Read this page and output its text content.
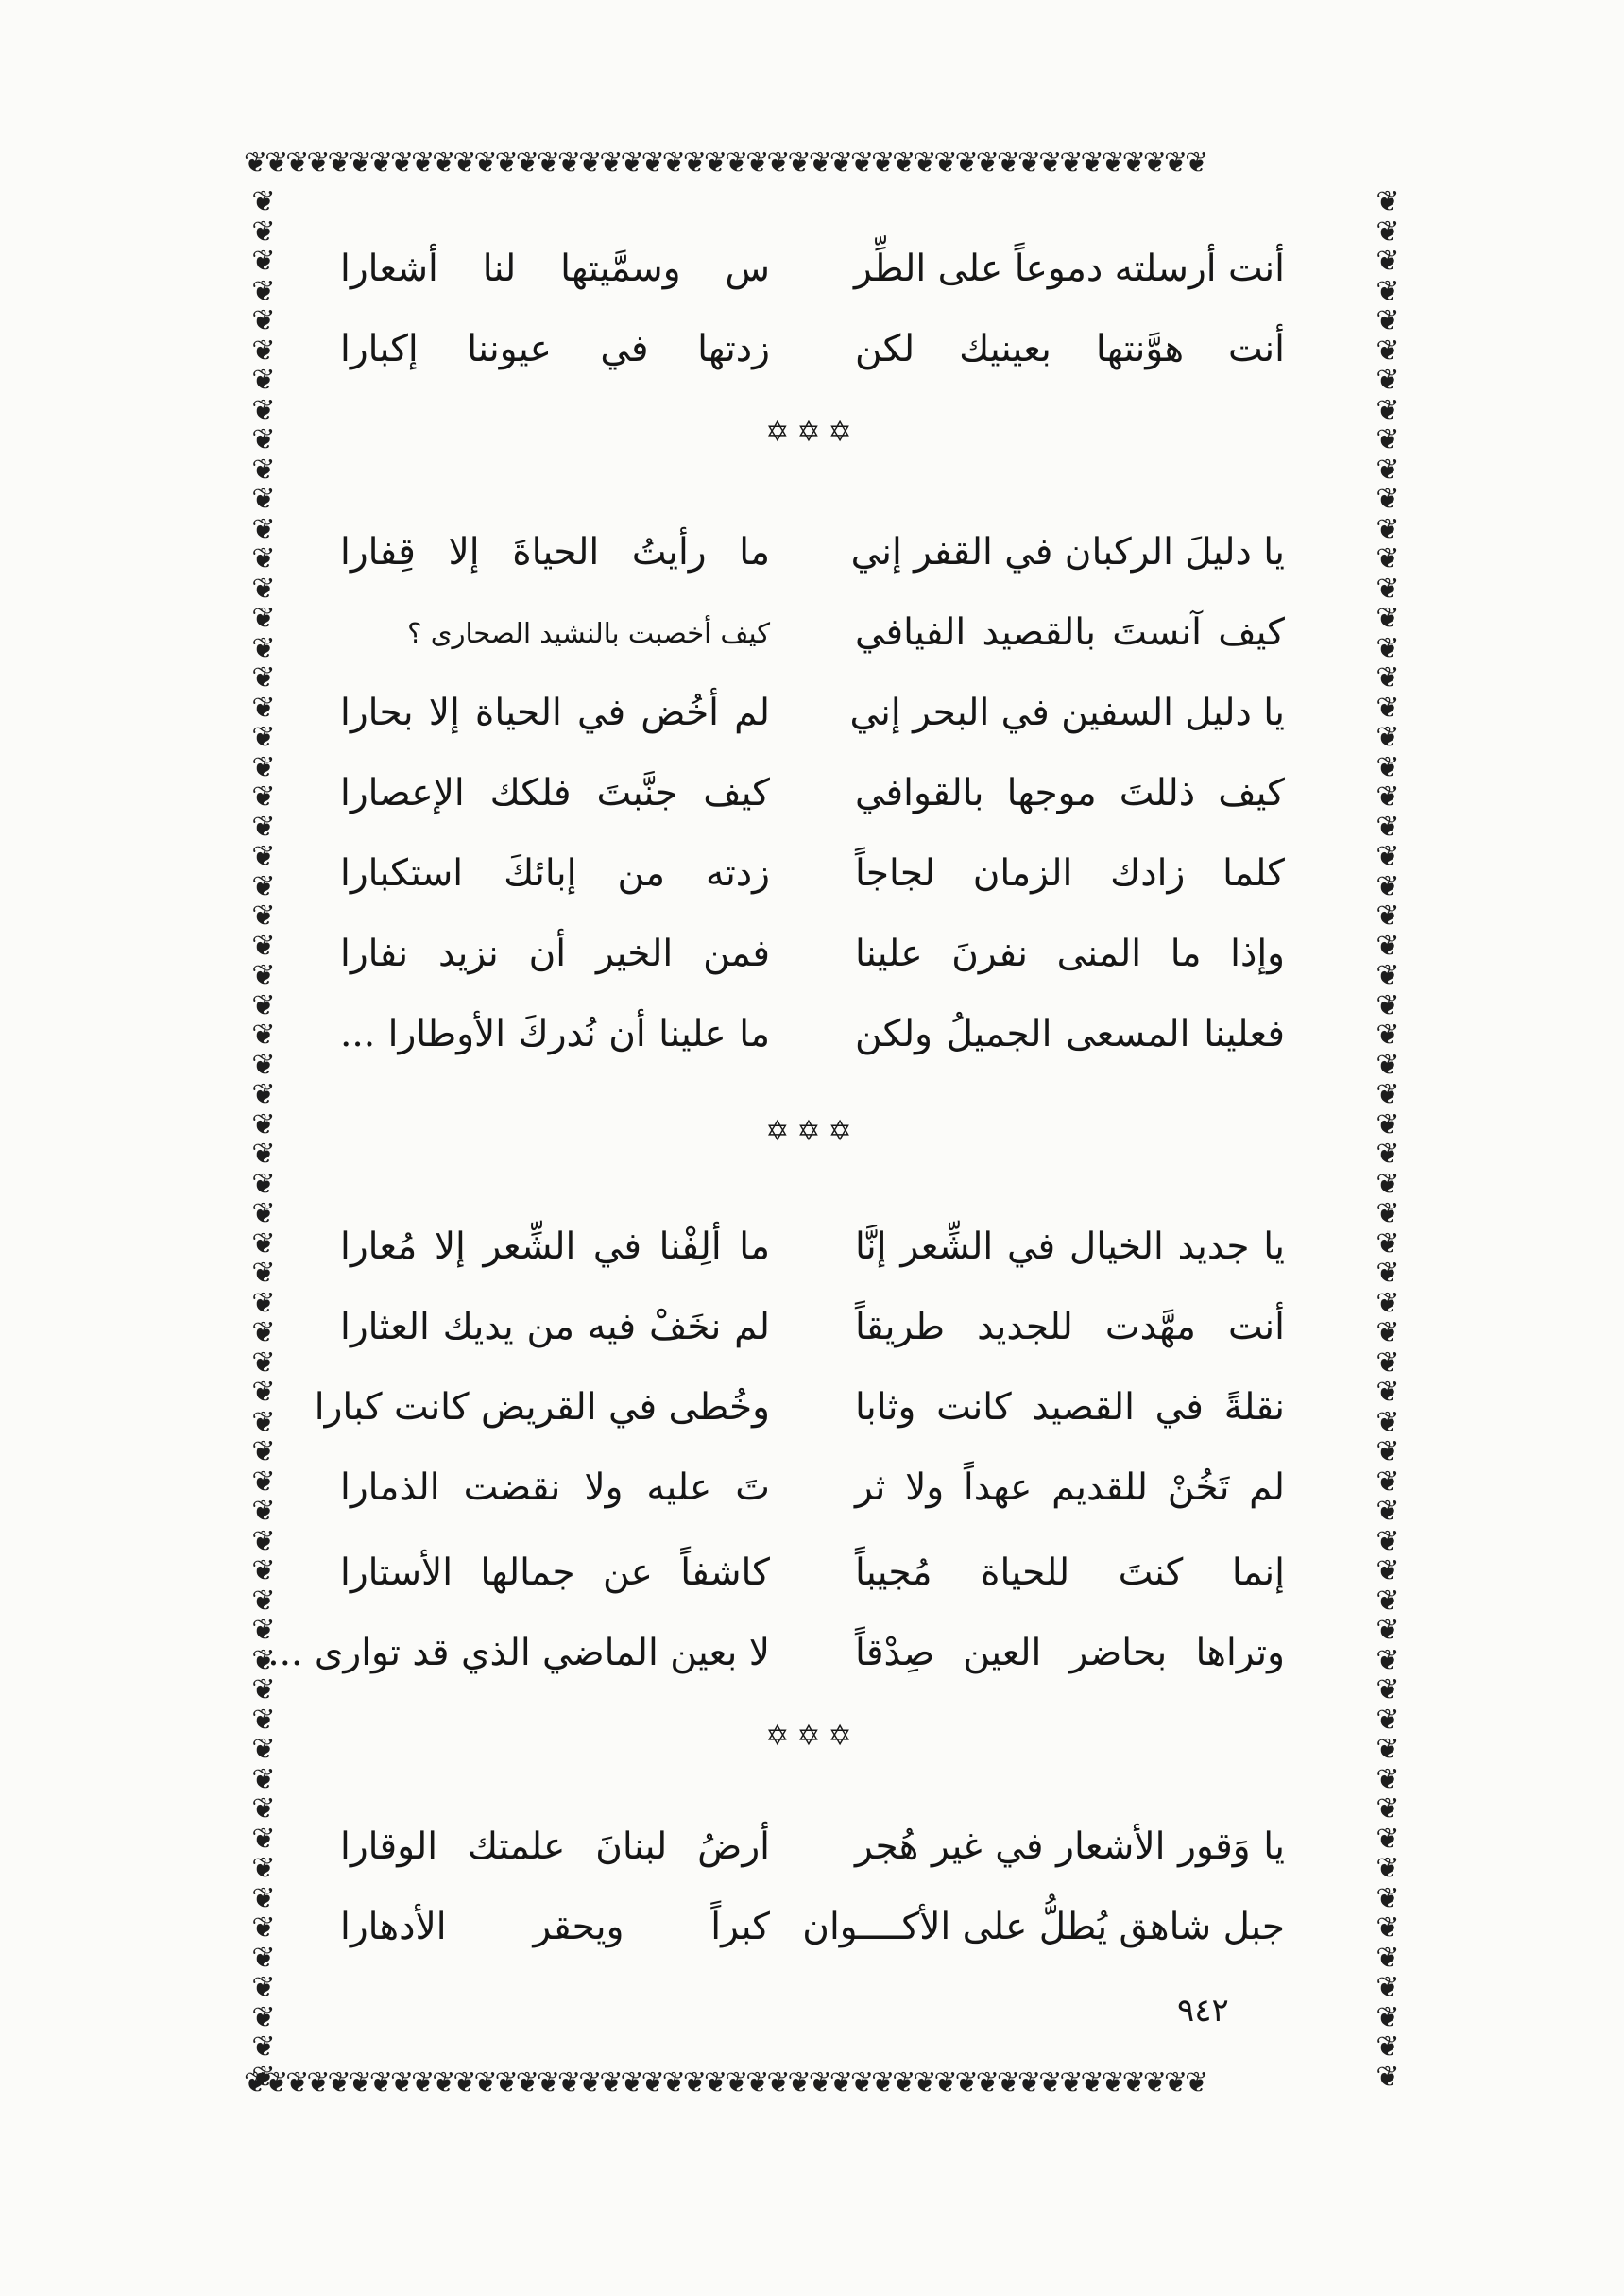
❦❦❦❦❦❦❦❦❦❦❦❦❦❦❦❦❦❦❦❦❦❦❦❦❦❦❦❦❦❦❦❦❦❦❦❦❦❦❦❦❦❦❦❦❦❦
❦❦❦❦❦❦❦❦❦❦❦❦❦❦❦❦❦❦❦❦❦❦❦❦❦❦❦❦❦❦❦❦❦❦❦❦❦❦❦❦❦❦❦❦❦❦
❦❦❦❦❦❦❦❦❦❦❦❦❦❦❦❦❦❦❦❦❦❦❦❦❦❦❦❦❦❦❦❦❦❦❦❦❦❦❦❦❦❦❦❦❦❦❦❦❦❦❦❦❦❦❦❦❦❦❦❦❦❦❦❦
❦❦❦❦❦❦❦❦❦❦❦❦❦❦❦❦❦❦❦❦❦❦❦❦❦❦❦❦❦❦❦❦❦❦❦❦❦❦❦❦❦❦❦❦❦❦❦❦❦❦❦❦❦❦❦❦❦❦❦❦❦❦❦❦
أنت أرسلته دموعاً على الطِّر
س وسمَّيتها لنا أشعارا
أنت هوَّنتها بعينيك لكن
زدتها في عيوننا إكبارا
✡✡✡
يا دليلَ الركبان في القفر إني
ما رأيتُ الحياةَ إلا قِفارا
كيف آنستَ بالقصيد الفيافي
كيف أخصبت بالنشيد الصحارى ؟
يا دليل السفين في البحر إني
لم أخُض في الحياة إلا بحارا
كيف ذللتَ موجها بالقوافي
كيف جنَّبتَ فلكك الإعصارا
كلما زادك الزمان لجاجاً
زدته من إبائكَ استكبارا
وإذا ما المنى نفرنَ علينا
فمن الخير أن نزيد نفارا
فعلينا المسعى الجميلُ ولكن
ما علينا أن نُدركَ الأوطارا ...
✡✡✡
يا جديد الخيال في الشِّعر إنَّا
ما ألِفْنا في الشِّعر إلا مُعارا
أنت مهَّدت للجديد طريقاً
لم نخَفْ فيه من يديك العثارا
نقلةً في القصيد كانت وثابا
وخُطى في القريض كانت كبارا
لم تَخُنْ للقديم عهداً ولا ثر
تَ عليه ولا نقضت الذمارا
إنما كنتَ للحياة مُجيباً
كاشفاً عن جمالها الأستارا
وتراها بحاضر العين صِدْقاً
لا بعين الماضي الذي قد توارى ...
✡✡✡
يا وَقور الأشعار في غير هُجر
أرضُ لبنانَ علمتك الوقارا
جبل شاهق يُطلُّ على الأكــــوان
كبراً ويحقر الأدهارا
٩٤٢
